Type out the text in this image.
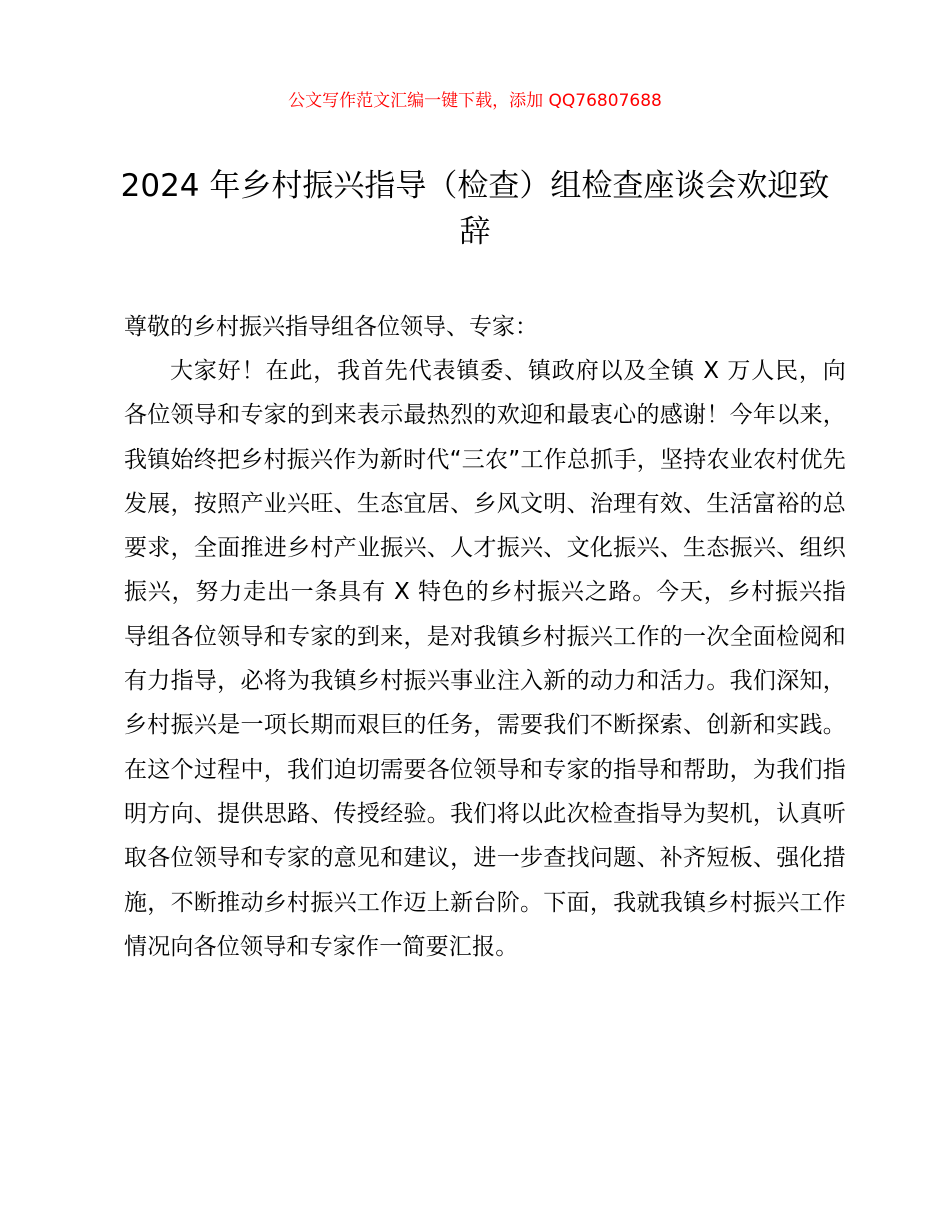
公文写作范文汇编一键下载，添加 QQ76807688
2024 年乡村振兴指导（检查）组检查座谈会欢迎致辞

尊敬的乡村振兴指导组各位领导、专家：

大家好！在此，我首先代表镇委、镇政府以及全镇 X 万人民，向各位领导和专家的到来表示最热烈的欢迎和最衷心的感谢！今年以来，我镇始终把乡村振兴作为新时代“三农”工作总抓手，坚持农业农村优先发展，按照产业兴旺、生态宜居、乡风文明、治理有效、生活富裕的总要求，全面推进乡村产业振兴、人才振兴、文化振兴、生态振兴、组织振兴，努力走出一条具有 X 特色的乡村振兴之路。今天，乡村振兴指导组各位领导和专家的到来，是对我镇乡村振兴工作的一次全面检阅和有力指导，必将为我镇乡村振兴事业注入新的动力和活力。我们深知，乡村振兴是一项长期而艰巨的任务，需要我们不断探索、创新和实践。在这个过程中，我们迫切需要各位领导和专家的指导和帮助，为我们指明方向、提供思路、传授经验。我们将以此次检查指导为契机，认真听取各位领导和专家的意见和建议，进一步查找问题、补齐短板、强化措施，不断推动乡村振兴工作迈上新台阶。下面，我就我镇乡村振兴工作情况向各位领导和专家作一简要汇报。
